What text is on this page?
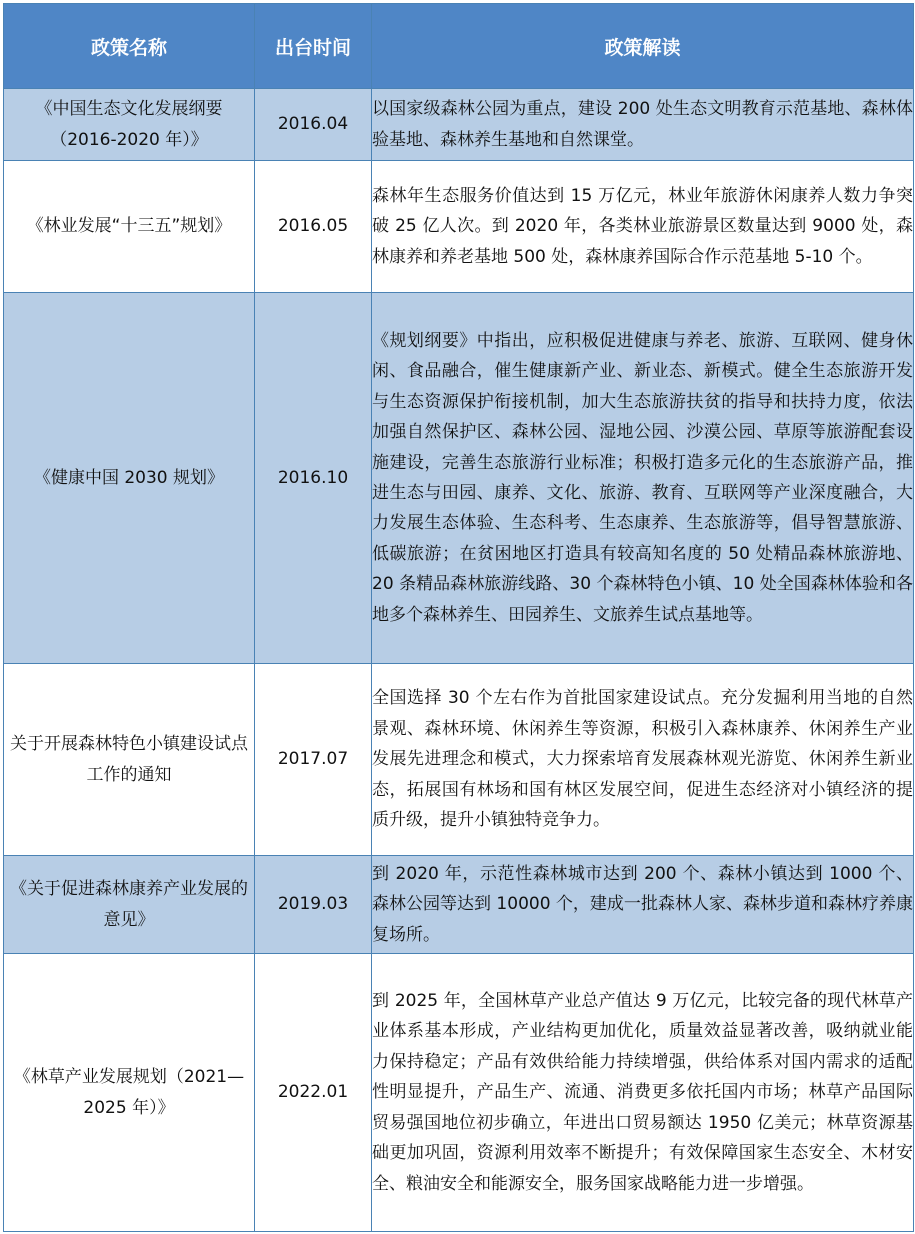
政策名称	出台时间	政策解读

《中国生态文化发展纲要（2016-2020 年）》	2016.04	以国家级森林公园为重点，建设 200 处生态文明教育示范基地、森林体验基地、森林养生基地和自然课堂。

《林业发展“十三五”规划》	2016.05	森林年生态服务价值达到 15 万亿元，林业年旅游休闲康养人数力争突破 25 亿人次。到 2020 年，各类林业旅游景区数量达到 9000 处，森林康养和养老基地 500 处，森林康养国际合作示范基地 5-10 个。

《健康中国 2030 规划》	2016.10	《规划纲要》中指出，应积极促进健康与养老、旅游、互联网、健身休闲、食品融合，催生健康新产业、新业态、新模式。健全生态旅游开发与生态资源保护衔接机制，加大生态旅游扶贫的指导和扶持力度，依法加强自然保护区、森林公园、湿地公园、沙漠公园、草原等旅游配套设施建设，完善生态旅游行业标准；积极打造多元化的生态旅游产品，推进生态与田园、康养、文化、旅游、教育、互联网等产业深度融合，大力发展生态体验、生态科考、生态康养、生态旅游等，倡导智慧旅游、低碳旅游；在贫困地区打造具有较高知名度的 50 处精品森林旅游地、20 条精品森林旅游线路、30 个森林特色小镇、10 处全国森林体验和各地多个森林养生、田园养生、文旅养生试点基地等。

关于开展森林特色小镇建设试点工作的通知	2017.07	全国选择 30 个左右作为首批国家建设试点。充分发掘利用当地的自然景观、森林环境、休闲养生等资源，积极引入森林康养、休闲养生产业发展先进理念和模式，大力探索培育发展森林观光游览、休闲养生新业态，拓展国有林场和国有林区发展空间，促进生态经济对小镇经济的提质升级，提升小镇独特竞争力。

《关于促进森林康养产业发展的意见》	2019.03	到 2020 年，示范性森林城市达到 200 个、森林小镇达到 1000 个、森林公园等达到 10000 个，建成一批森林人家、森林步道和森林疗养康复场所。

《林草产业发展规划（2021—2025 年）》	2022.01	到 2025 年，全国林草产业总产值达 9 万亿元，比较完备的现代林草产业体系基本形成，产业结构更加优化，质量效益显著改善，吸纳就业能力保持稳定；产品有效供给能力持续增强，供给体系对国内需求的适配性明显提升，产品生产、流通、消费更多依托国内市场；林草产品国际贸易强国地位初步确立，年进出口贸易额达 1950 亿美元；林草资源基础更加巩固，资源利用效率不断提升；有效保障国家生态安全、木材安全、粮油安全和能源安全，服务国家战略能力进一步增强。
